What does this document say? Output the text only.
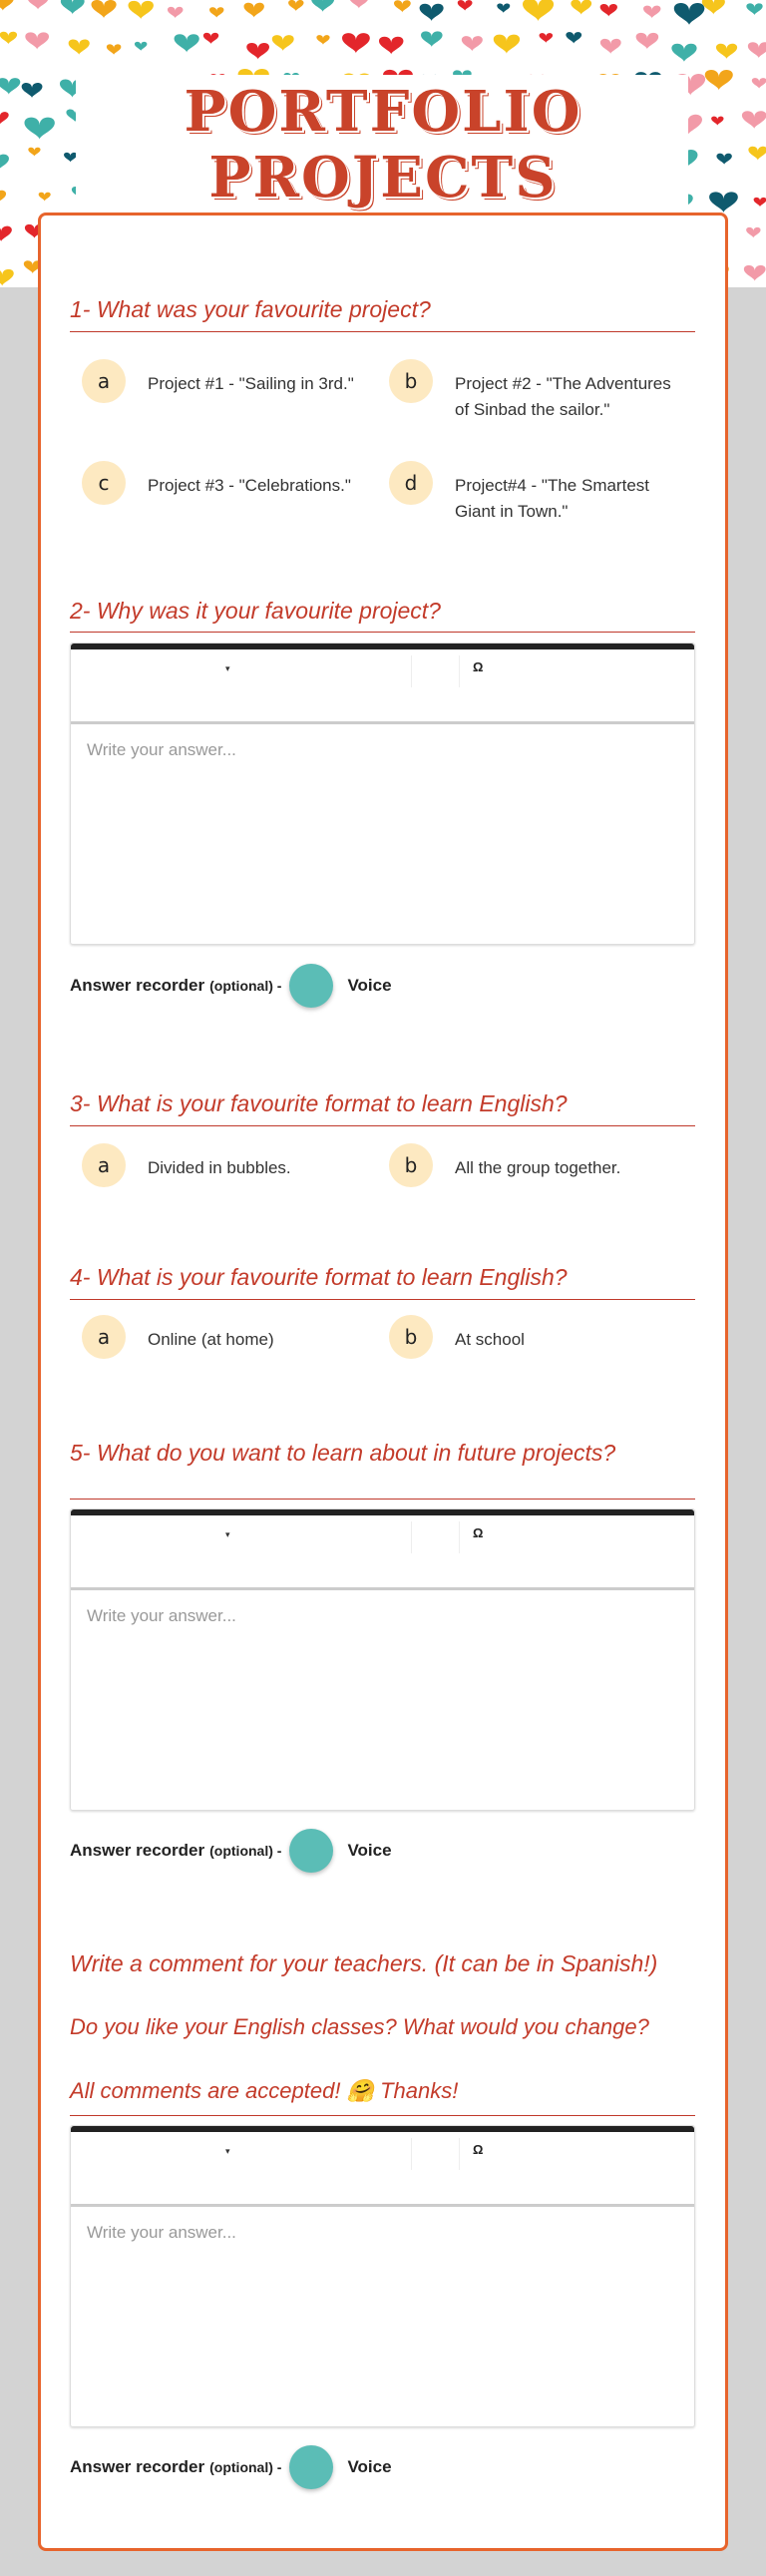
PORTFOLIO
PROJECTS
1- What was your favourite project?
a	Project #1 - "Sailing in 3rd."	b	Project #2 - "The Adventures of Sinbad the sailor."
c	Project #3 - "Celebrations."	d	Project#4 - "The Smartest Giant in Town."
2- Why was it your favourite project?
▾	Ω
Write your answer...
Answer recorder (optional) -	Voice
3- What is your favourite format to learn English?
a	Divided in bubbles.	b	All the group together.
4- What is your favourite format to learn English?
a	Online (at home)	b	At school
5- What do you want to learn about in future projects?
▾	Ω
Write your answer...
Answer recorder (optional) -	Voice
Write a comment for your teachers. (It can be in Spanish!)
Do you like your English classes? What would you change?
All comments are accepted! 🤗 Thanks!
▾	Ω
Write your answer...
Answer recorder (optional) -	Voice
